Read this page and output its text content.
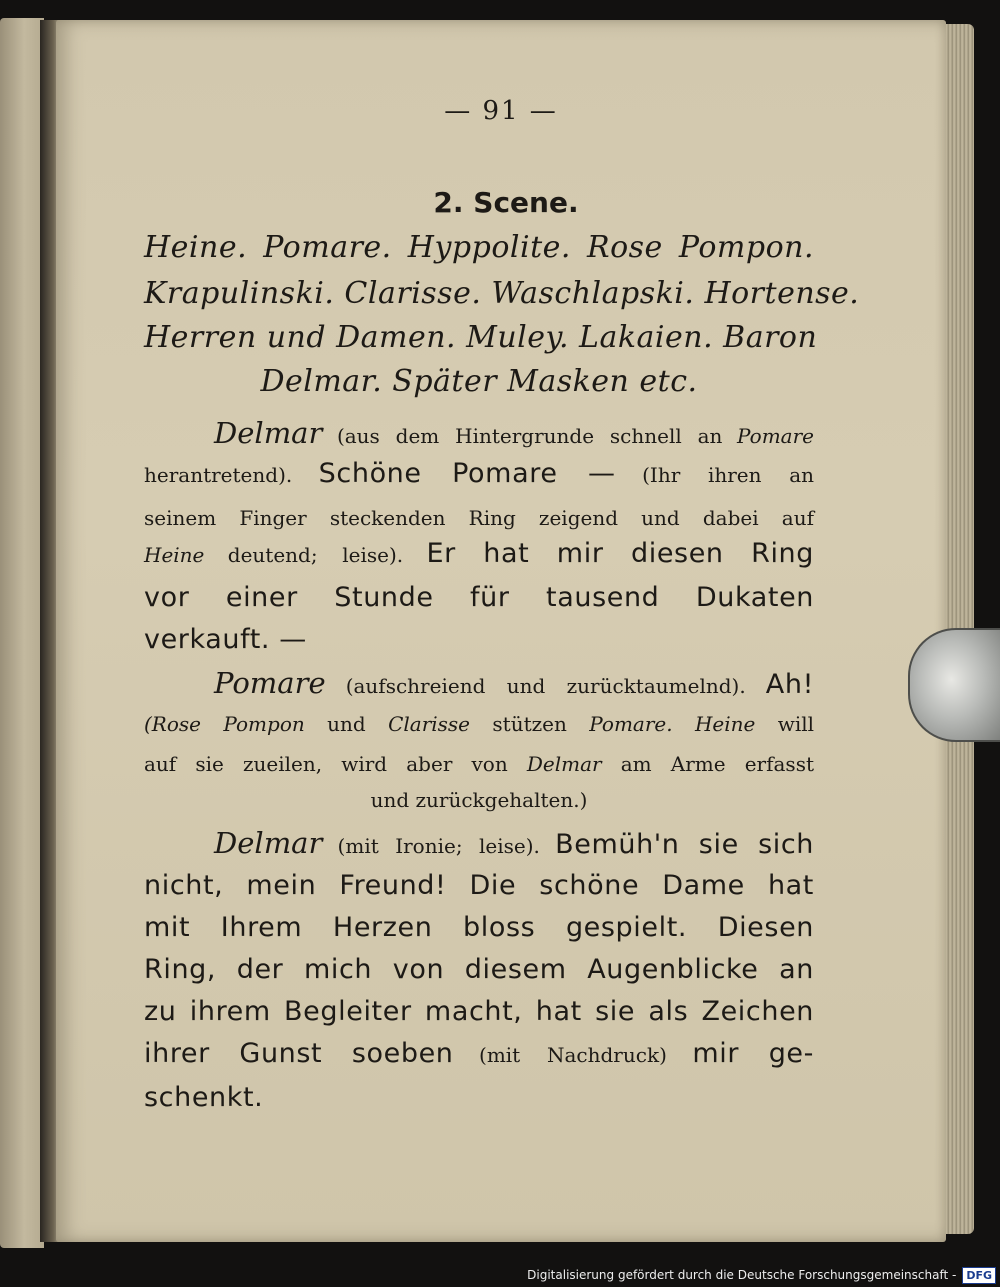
— 91 —
2. Scene.
Heine. Pomare. Hyppolite. Rose Pompon.
Krapulinski. Clarisse. Waschlapski. Hortense.
Herren und Damen. Muley. Lakaien. Baron
Delmar. Später Masken etc.
Delmar (aus dem Hintergrunde schnell an Pomare
herantretend). Schöne Pomare — (Ihr ihren an
seinem Finger steckenden Ring zeigend und dabei auf
Heine deutend; leise). Er hat mir diesen Ring
vor einer Stunde für tausend Dukaten
verkauft. —
Pomare (aufschreiend und zurücktaumelnd). Ah!
(Rose Pompon und Clarisse stützen Pomare. Heine will
auf sie zueilen, wird aber von Delmar am Arme erfasst
und zurückgehalten.)
Delmar (mit Ironie; leise). Bemüh'n sie sich
nicht, mein Freund! Die schöne Dame hat
mit Ihrem Herzen bloss gespielt. Diesen
Ring, der mich von diesem Augenblicke an
zu ihrem Begleiter macht, hat sie als Zeichen
ihrer Gunst soeben (mit Nachdruck) mir ge-
schenkt.
Digitalisierung gefördert durch die Deutsche Forschungsgemeinschaft - DFG
